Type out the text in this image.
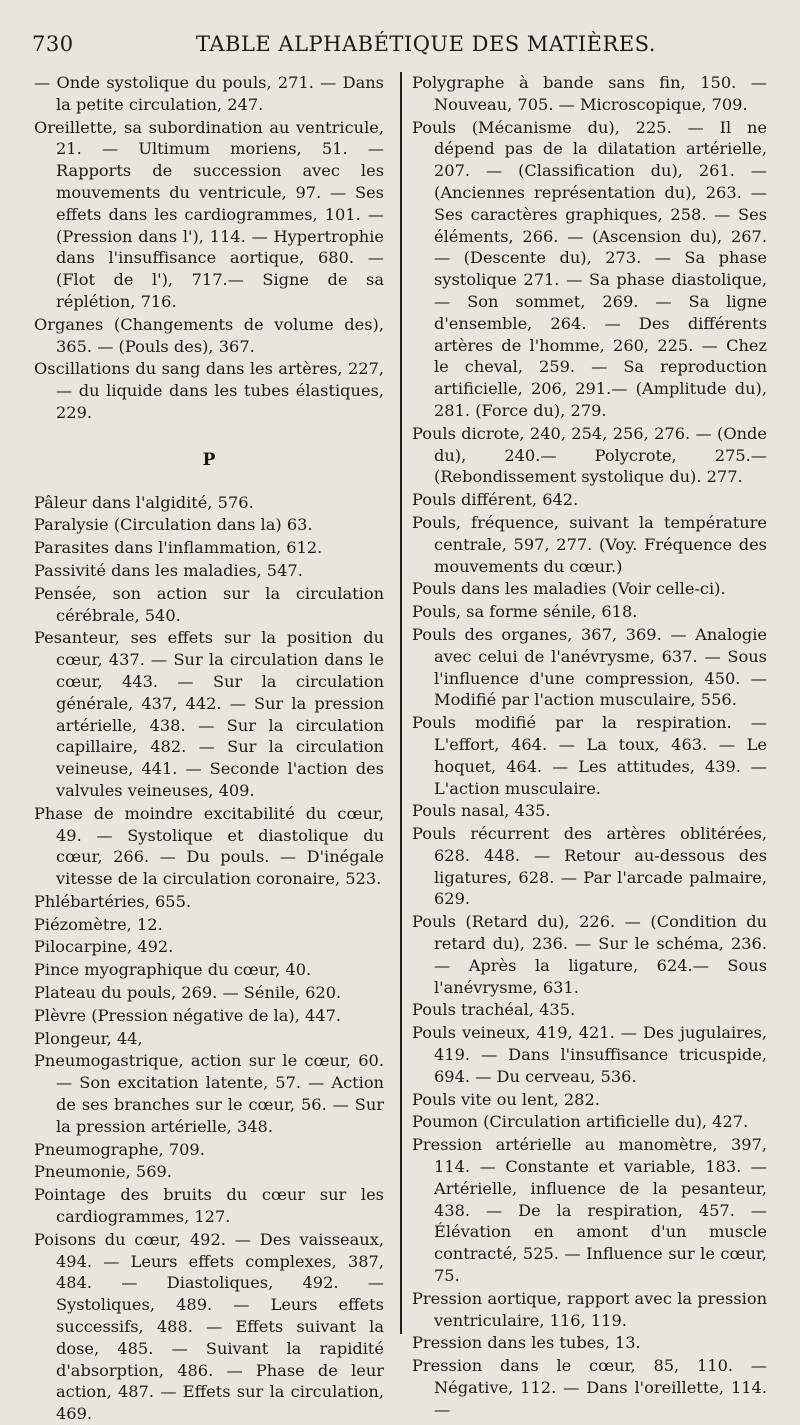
730	TABLE ALPHABÉTIQUE DES MATIÈRES.

— Onde systolique du pouls, 271. — Dans la petite circulation, 247.

Oreillette, sa subordination au ventricule, 21. — Ultimum moriens, 51. — Rapports de succession avec les mouvements du ventricule, 97. — Ses effets dans les cardiogrammes, 101. — (Pression dans l'), 114. — Hypertrophie dans l'insuffisance aortique, 680. — (Flot de l'), 717.— Signe de sa réplétion, 716.

Organes (Changements de volume des), 365. — (Pouls des), 367.

Oscillations du sang dans les artères, 227, — du liquide dans les tubes élastiques, 229.

P

Pâleur dans l'algidité, 576.

Paralysie (Circulation dans la) 63.

Parasites dans l'inflammation, 612.

Passivité dans les maladies, 547.

Pensée, son action sur la circulation cérébrale, 540.

Pesanteur, ses effets sur la position du cœur, 437. — Sur la circulation dans le cœur, 443. — Sur la circulation générale, 437, 442. — Sur la pression artérielle, 438. — Sur la circulation capillaire, 482. — Sur la circulation veineuse, 441. — Seconde l'action des valvules veineuses, 409.

Phase de moindre excitabilité du cœur, 49. — Systolique et diastolique du cœur, 266. — Du pouls. — D'inégale vitesse de la circulation coronaire, 523.

Phlébartéries, 655.

Piézomètre, 12.

Pilocarpine, 492.

Pince myographique du cœur, 40.

Plateau du pouls, 269. — Sénile, 620.

Plèvre (Pression négative de la), 447.

Plongeur, 44,

Pneumogastrique, action sur le cœur, 60. — Son excitation latente, 57. — Action de ses branches sur le cœur, 56. — Sur la pression artérielle, 348.

Pneumographe, 709.

Pneumonie, 569.

Pointage des bruits du cœur sur les cardiogrammes, 127.

Poisons du cœur, 492. — Des vaisseaux, 494. — Leurs effets complexes, 387, 484. — Diastoliques, 492. — Systoliques, 489. — Leurs effets successifs, 488. — Effets suivant la dose, 485. — Suivant la rapidité d'absorption, 486. — Phase de leur action, 487. — Effets sur la circulation, 469.

Polygraphe à bande sans fin, 150. — Nouveau, 705. — Microscopique, 709.

Pouls (Mécanisme du), 225. — Il ne dépend pas de la dilatation artérielle, 207. — (Classification du), 261. — (Anciennes représentation du), 263. — Ses caractères graphiques, 258. — Ses éléments, 266. — (Ascension du), 267. — (Descente du), 273. — Sa phase systolique 271. — Sa phase diastolique, — Son sommet, 269. — Sa ligne d'ensemble, 264. — Des différents artères de l'homme, 260, 225. — Chez le cheval, 259. — Sa reproduction artificielle, 206, 291.— (Amplitude du), 281. (Force du), 279.

Pouls dicrote, 240, 254, 256, 276. — (Onde du), 240.— Polycrote, 275.— (Rebondissement systolique du). 277.

Pouls différent, 642.

Pouls, fréquence, suivant la température centrale, 597, 277. (Voy. Fréquence des mouvements du cœur.)

Pouls dans les maladies (Voir celle-ci).

Pouls, sa forme sénile, 618.

Pouls des organes, 367, 369. — Analogie avec celui de l'anévrysme, 637. — Sous l'influence d'une compression, 450. — Modifié par l'action musculaire, 556.

Pouls modifié par la respiration. — L'effort, 464. — La toux, 463. — Le hoquet, 464. — Les attitudes, 439. — L'action musculaire.

Pouls nasal, 435.

Pouls récurrent des artères oblitérées, 628. 448. — Retour au-dessous des ligatures, 628. — Par l'arcade palmaire, 629.

Pouls (Retard du), 226. — (Condition du retard du), 236. — Sur le schéma, 236. — Après la ligature, 624.— Sous l'anévrysme, 631.

Pouls trachéal, 435.

Pouls veineux, 419, 421. — Des jugulaires, 419. — Dans l'insuffisance tricuspide, 694. — Du cerveau, 536.

Pouls vite ou lent, 282.

Poumon (Circulation artificielle du), 427.

Pression artérielle au manomètre, 397, 114. — Constante et variable, 183. — Artérielle, influence de la pesanteur, 438. — De la respiration, 457. — Élévation en amont d'un muscle contracté, 525. — Influence sur le cœur, 75.

Pression aortique, rapport avec la pression ventriculaire, 116, 119.

Pression dans les tubes, 13.

Pression dans le cœur, 85, 110. — Négative, 112. — Dans l'oreillette, 114. —
